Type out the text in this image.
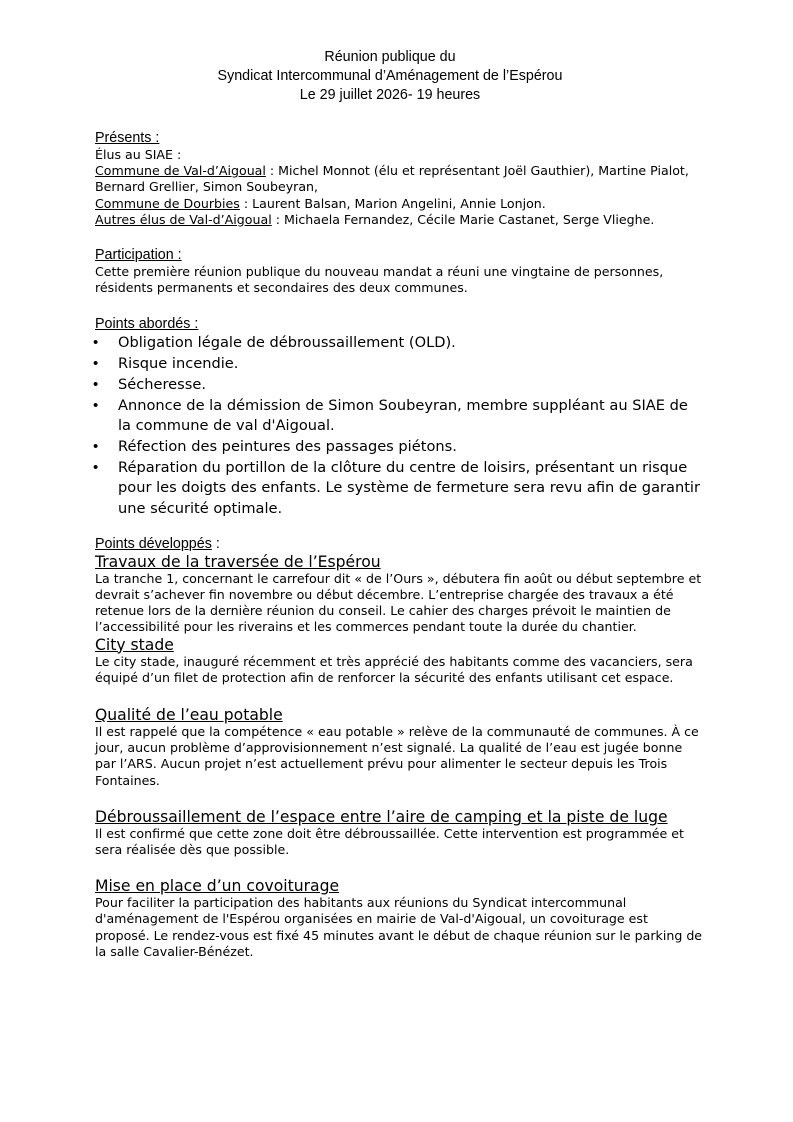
Réunion publique du
Syndicat Intercommunal d’Aménagement de l’Espérou
Le 29 juillet 2026- 19 heures
Présents :
Élus au SIAE :
Commune de Val-d’Aigoual : Michel Monnot (élu et représentant Joël Gauthier), Martine Pialot, Bernard Grellier, Simon Soubeyran,
Commune de Dourbies : Laurent Balsan, Marion Angelini, Annie Lonjon.
Autres élus de Val-d’Aigoual : Michaela Fernandez, Cécile Marie Castanet, Serge Vlieghe.
Participation :
Cette première réunion publique du nouveau mandat a réuni une vingtaine de personnes, résidents permanents et secondaires des deux communes.
Points abordés :
• Obligation légale de débroussaillement (OLD).
• Risque incendie.
• Sécheresse.
• Annonce de la démission de Simon Soubeyran, membre suppléant au SIAE de la commune de val d'Aigoual.
• Réfection des peintures des passages piétons.
• Réparation du portillon de la clôture du centre de loisirs, présentant un risque pour les doigts des enfants. Le système de fermeture sera revu afin de garantir une sécurité optimale.
Points développés :
Travaux de la traversée de l’Espérou
La tranche 1, concernant le carrefour dit « de l’Ours », débutera fin août ou début septembre et devrait s’achever fin novembre ou début décembre. L’entreprise chargée des travaux a été retenue lors de la dernière réunion du conseil. Le cahier des charges prévoit le maintien de l’accessibilité pour les riverains et les commerces pendant toute la durée du chantier.
City stade
Le city stade, inauguré récemment et très apprécié des habitants comme des vacanciers, sera équipé d’un filet de protection afin de renforcer la sécurité des enfants utilisant cet espace.
Qualité de l’eau potable
Il est rappelé que la compétence « eau potable » relève de la communauté de communes. À ce jour, aucun problème d’approvisionnement n’est signalé. La qualité de l’eau est jugée bonne par l’ARS. Aucun projet n’est actuellement prévu pour alimenter le secteur depuis les Trois Fontaines.
Débroussaillement de l’espace entre l’aire de camping et la piste de luge
Il est confirmé que cette zone doit être débroussaillée. Cette intervention est programmée et sera réalisée dès que possible.
Mise en place d’un covoiturage
Pour faciliter la participation des habitants aux réunions du Syndicat intercommunal d'aménagement de l'Espérou organisées en mairie de Val-d'Aigoual, un covoiturage est proposé. Le rendez-vous est fixé 45 minutes avant le début de chaque réunion sur le parking de la salle Cavalier-Bénézet.
